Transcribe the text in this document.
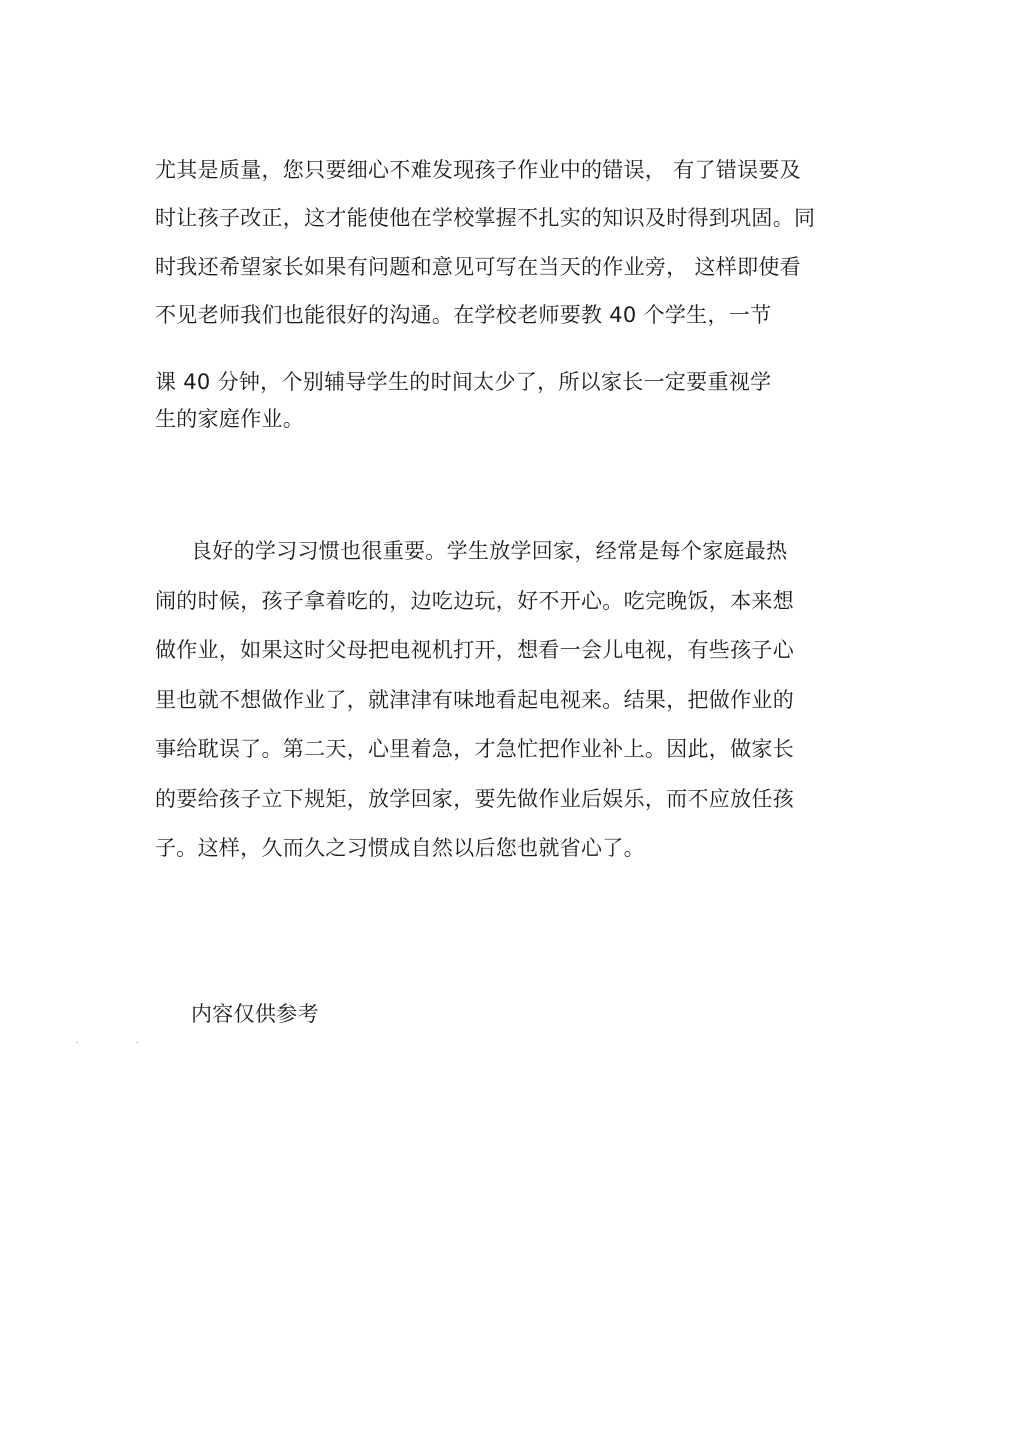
尤其是质量，您只要细心不难发现孩子作业中的错误， 有了错误要及
时让孩子改正，这才能使他在学校掌握不扎实的知识及时得到巩固。同
时我还希望家长如果有问题和意见可写在当天的作业旁， 这样即使看
不见老师我们也能很好的沟通。在学校老师要教 40 个学生，一节
课 40 分钟，个别辅导学生的时间太少了，所以家长一定要重视学
生的家庭作业。
良好的学习习惯也很重要。学生放学回家，经常是每个家庭最热
闹的时候，孩子拿着吃的，边吃边玩，好不开心。吃完晚饭，本来想
做作业，如果这时父母把电视机打开，想看一会儿电视，有些孩子心
里也就不想做作业了，就津津有味地看起电视来。结果，把做作业的
事给耽误了。第二天，心里着急，才急忙把作业补上。因此，做家长
的要给孩子立下规矩，放学回家，要先做作业后娱乐，而不应放任孩
子。这样，久而久之习惯成自然以后您也就省心了。
内容仅供参考
